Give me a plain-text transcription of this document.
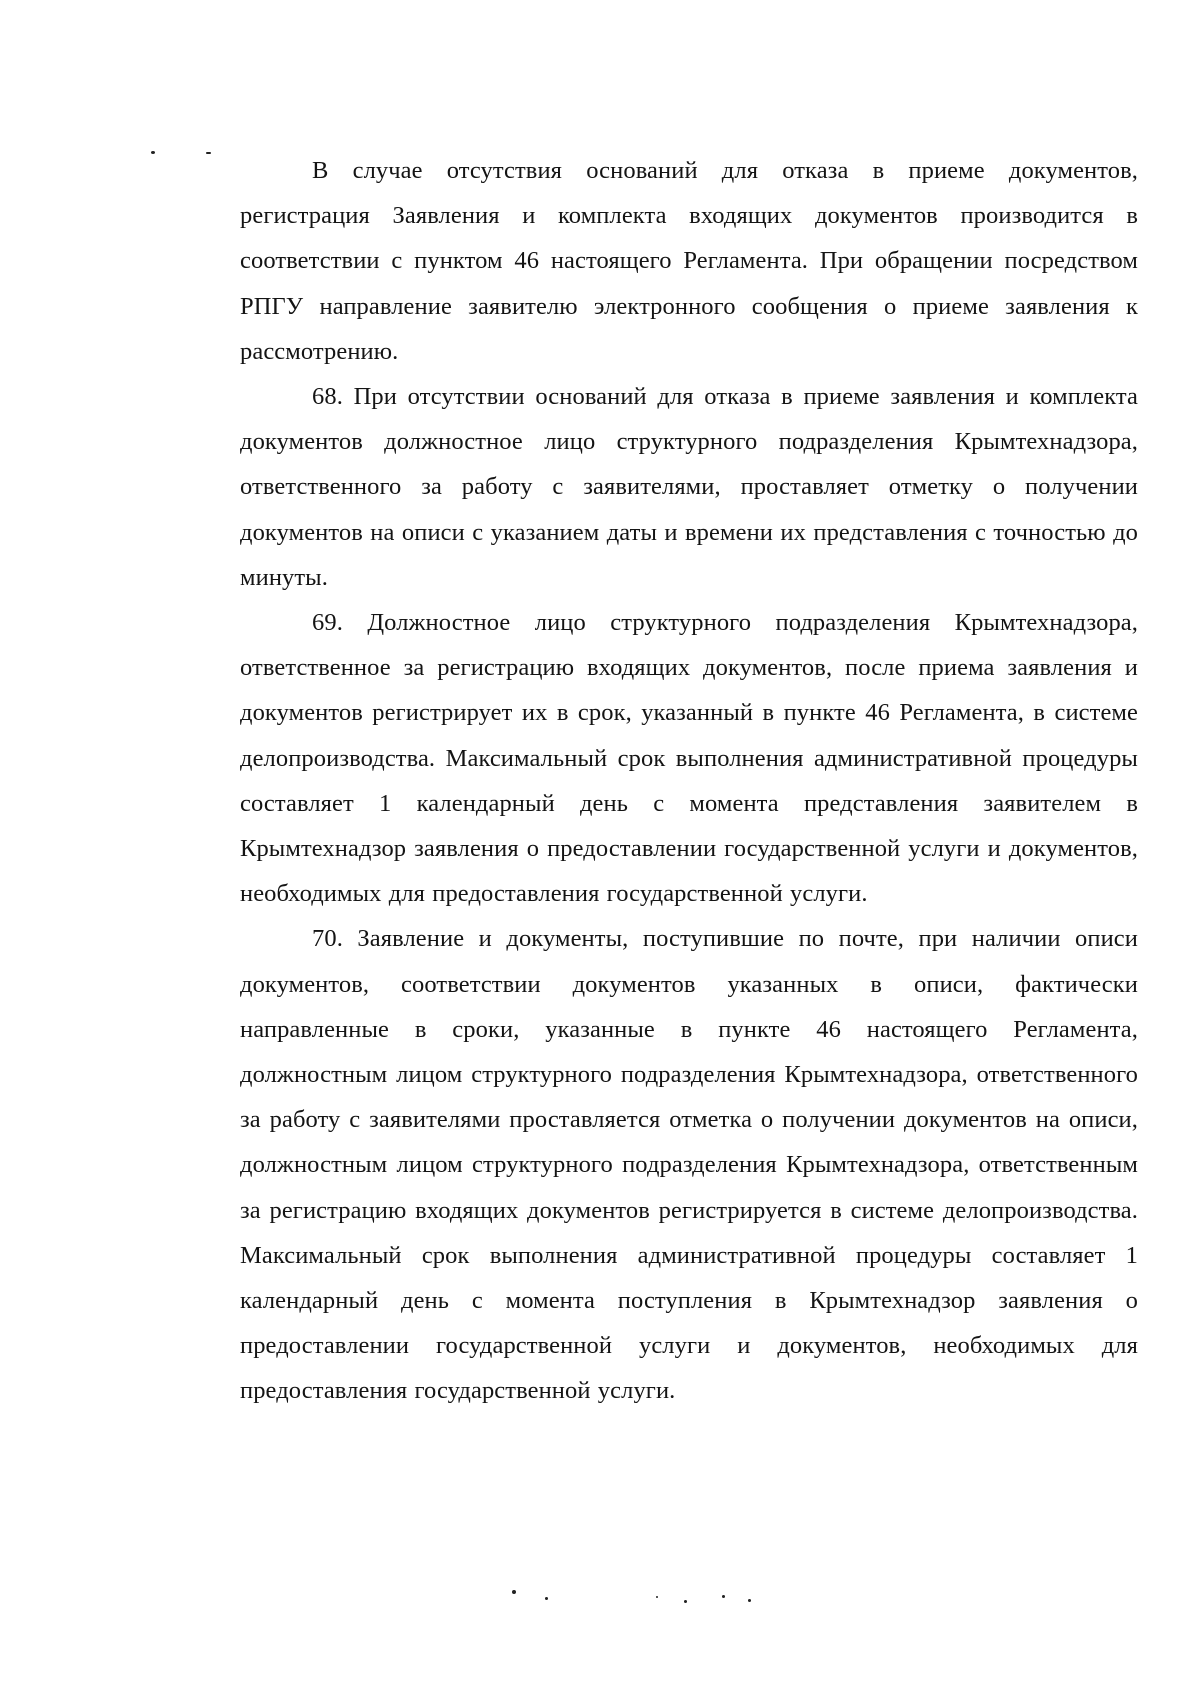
В случае отсутствия оснований для отказа в приеме документов, регистрация Заявления и комплекта входящих документов производится в соответствии с пунктом 46 настоящего Регламента. При обращении посредством РПГУ направление заявителю электронного сообщения о приеме заявления к рассмотрению.

68. При отсутствии оснований для отказа в приеме заявления и комплекта документов должностное лицо структурного подразделения Крымтехнадзора, ответственного за работу с заявителями, проставляет отметку о получении документов на описи с указанием даты и времени их представления с точностью до минуты.

69. Должностное лицо структурного подразделения Крымтехнадзора, ответственное за регистрацию входящих документов, после приема заявления и документов регистрирует их в срок, указанный в пункте 46 Регламента, в системе делопроизводства. Максимальный срок выполнения административной процедуры составляет 1 календарный день с момента представления заявителем в Крымтехнадзор заявления о предоставлении государственной услуги и документов, необходимых для предоставления государственной услуги.

70. Заявление и документы, поступившие по почте, при наличии описи документов, соответствии документов указанных в описи, фактически направленные в сроки, указанные в пункте 46 настоящего Регламента, должностным лицом структурного подразделения Крымтехнадзора, ответственного за работу с заявителями проставляется отметка о получении документов на описи, должностным лицом структурного подразделения Крымтехнадзора, ответственным за регистрацию входящих документов регистрируется в системе делопроизводства. Максимальный срок выполнения административной процедуры составляет 1 календарный день с момента поступления в Крымтехнадзор заявления о предоставлении государственной услуги и документов, необходимых для предоставления государственной услуги.
